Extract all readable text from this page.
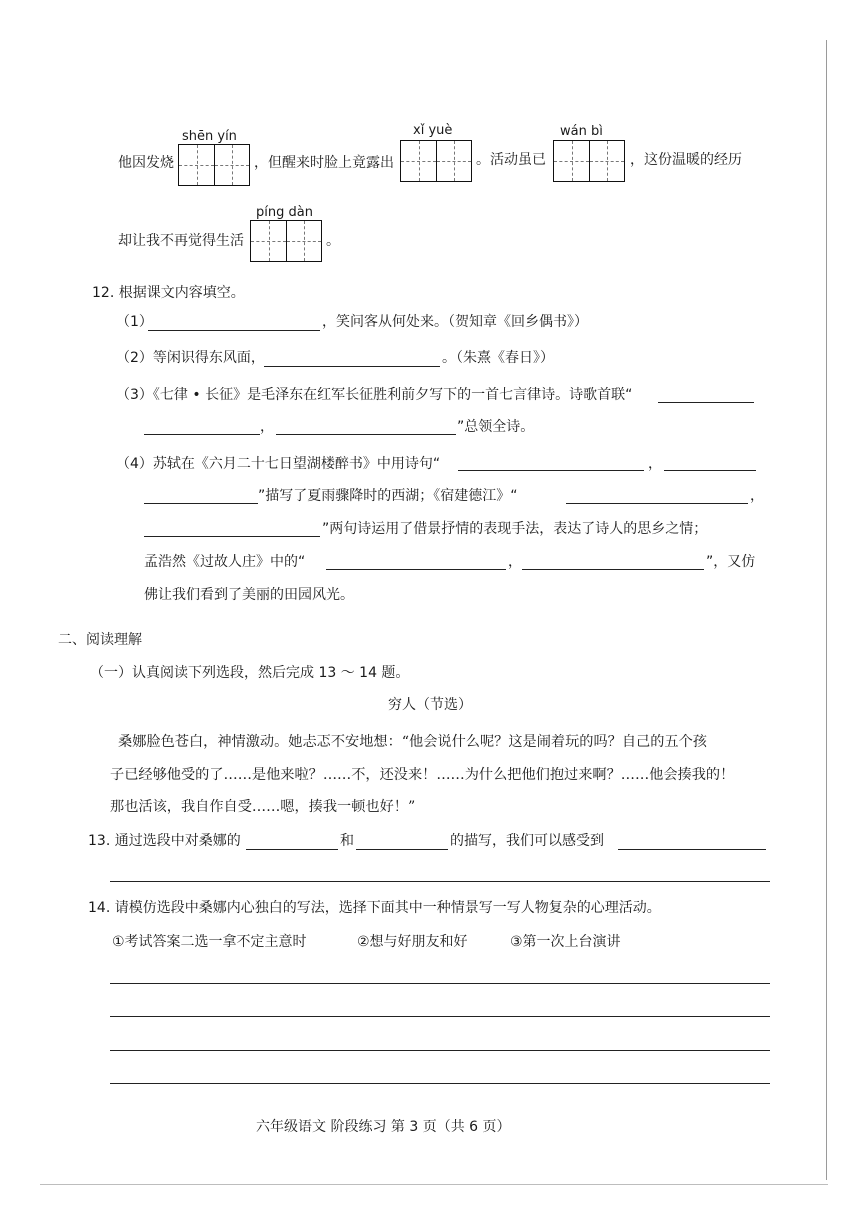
他因发烧
shēn yín
，但醒来时脸上竟露出
xǐ yuè
。活动虽已
wán bì
，这份温暖的经历
却让我不再觉得生活
píng dàn
。
12. 根据课文内容填空。
（1）	，笑问客从何处来。（贺知章《回乡偶书》）
（2）等闲识得东风面，	。（朱熹《春日》）
（3）《七律 • 长征》是毛泽东在红军长征胜利前夕写下的一首七言律诗。诗歌首联“
，	”总领全诗。
（4）苏轼在《六月二十七日望湖楼醉书》中用诗句“	，
”描写了夏雨骤降时的西湖；《宿建德江》“	，
”两句诗运用了借景抒情的表现手法，表达了诗人的思乡之情；
孟浩然《过故人庄》中的“	，	”，又仿
佛让我们看到了美丽的田园风光。
二、阅读理解
（一）认真阅读下列选段，然后完成 13 ～ 14 题。
穷人（节选）
桑娜脸色苍白，神情激动。她忐忑不安地想：“他会说什么呢？这是闹着玩的吗？自己的五个孩
子已经够他受的了……是他来啦？……不，还没来！……为什么把他们抱过来啊？……他会揍我的！
那也活该，我自作自受……嗯，揍我一顿也好！”
13. 通过选段中对桑娜的	和	的描写，我们可以感受到
14. 请模仿选段中桑娜内心独白的写法，选择下面其中一种情景写一写人物复杂的心理活动。
①考试答案二选一拿不定主意时	②想与好朋友和好	③第一次上台演讲
六年级语文 阶段练习 第 3 页（共 6 页）
